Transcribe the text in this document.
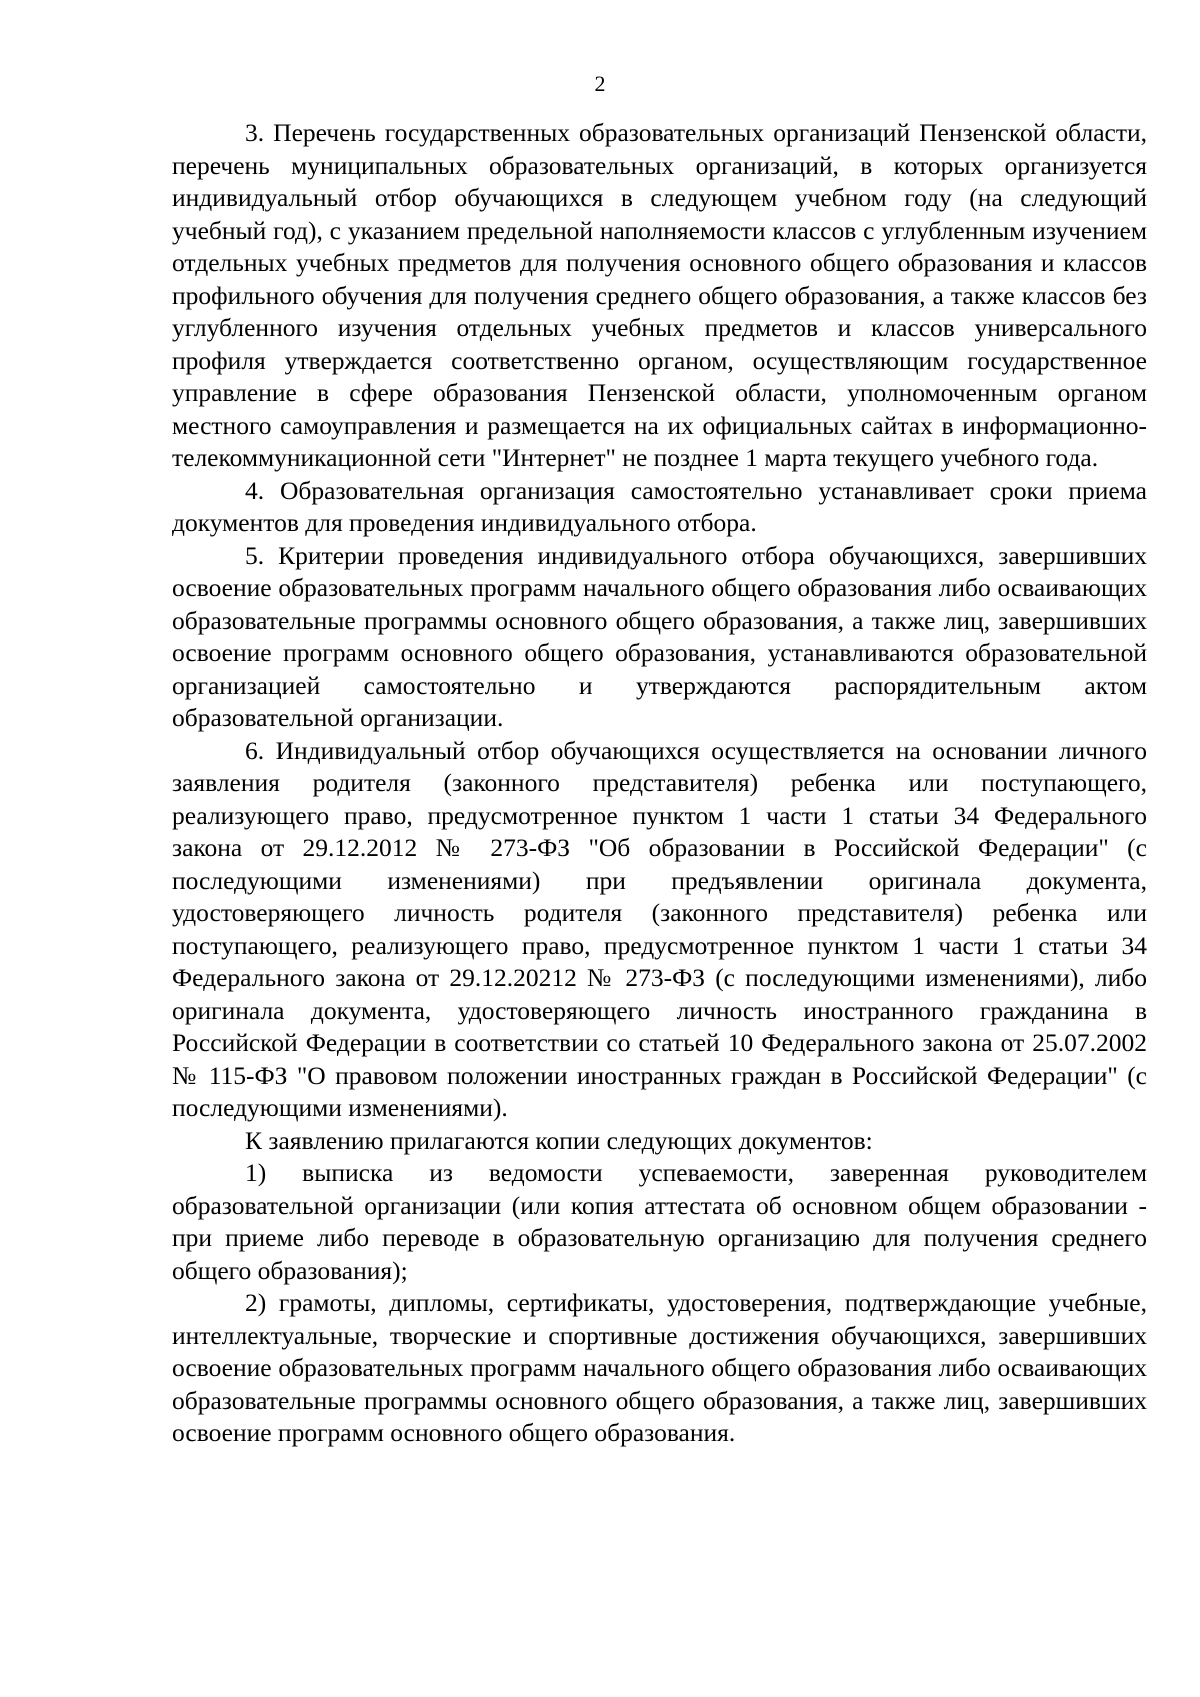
2

3. Перечень государственных образовательных организаций Пензенской области, перечень муниципальных образовательных организаций, в которых организуется индивидуальный отбор обучающихся в следующем учебном году (на следующий учебный год), с указанием предельной наполняемости классов с углубленным изучением отдельных учебных предметов для получения основного общего образования и классов профильного обучения для получения среднего общего образования, а также классов без углубленного изучения отдельных учебных предметов и классов универсального профиля утверждается соответственно органом, осуществляющим государственное управление в сфере образования Пензенской области, уполномоченным органом местного самоуправления и размещается на их официальных сайтах в информационно-телекоммуникационной сети "Интернет" не позднее 1 марта текущего учебного года.

4. Образовательная организация самостоятельно устанавливает сроки приема документов для проведения индивидуального отбора.

5. Критерии проведения индивидуального отбора обучающихся, завершивших освоение образовательных программ начального общего образования либо осваивающих образовательные программы основного общего образования, а также лиц, завершивших освоение программ основного общего образования, устанавливаются образовательной организацией самостоятельно и утверждаются распорядительным актом образовательной организации.

6. Индивидуальный отбор обучающихся осуществляется на основании личного заявления родителя (законного представителя) ребенка или поступающего, реализующего право, предусмотренное пунктом 1 части 1 статьи 34 Федерального закона от 29.12.2012 № 273-ФЗ "Об образовании в Российской Федерации" (с последующими изменениями) при предъявлении оригинала документа, удостоверяющего личность родителя (законного представителя) ребенка или поступающего, реализующего право, предусмотренное пунктом 1 части 1 статьи 34 Федерального закона от 29.12.20212 № 273-ФЗ (с последующими изменениями), либо оригинала документа, удостоверяющего личность иностранного гражданина в Российской Федерации в соответствии со статьей 10 Федерального закона от 25.07.2002 № 115-ФЗ "О правовом положении иностранных граждан в Российской Федерации" (с последующими изменениями).

К заявлению прилагаются копии следующих документов:

1) выписка из ведомости успеваемости, заверенная руководителем образовательной организации (или копия аттестата об основном общем образовании - при приеме либо переводе в образовательную организацию для получения среднего общего образования);

2) грамоты, дипломы, сертификаты, удостоверения, подтверждающие учебные, интеллектуальные, творческие и спортивные достижения обучающихся, завершивших освоение образовательных программ начального общего образования либо осваивающих образовательные программы основного общего образования, а также лиц, завершивших освоение программ основного общего образования.
